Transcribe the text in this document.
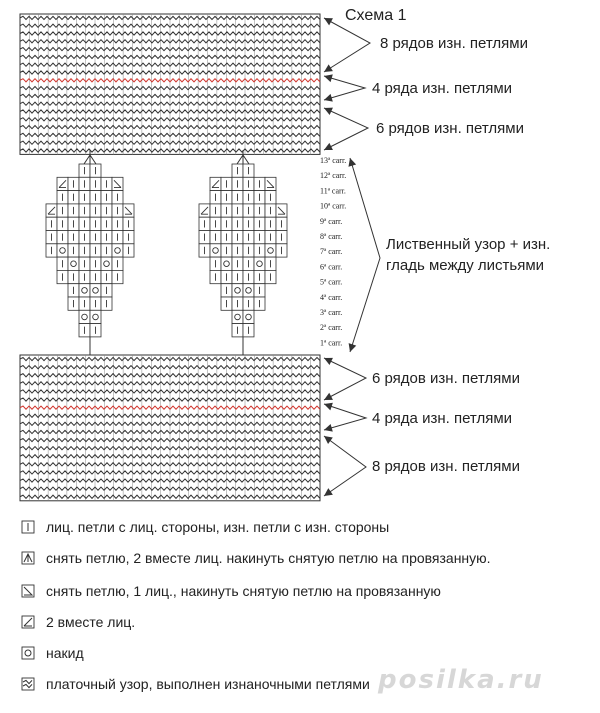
Схема 1
8 рядов изн. петлями
4 ряда изн. петлями
6 рядов изн. петлями
Лиственный узор + изн.
гладь между листьями
6 рядов изн. петлями
4 ряда изн. петлями
8 рядов изн. петлями
13ª carr.
12ª carr.
11ª carr.
10ª carr.
9ª carr.
8ª carr.
7ª carr.
6ª carr.
5ª carr.
4ª carr.
3ª carr.
2ª carr.
1ª carr.
лиц. петли с лиц. стороны, изн. петли с изн. стороны
снять петлю, 2 вместе лиц. накинуть снятую петлю на провязанную.
снять петлю, 1 лиц., накинуть снятую петлю на провязанную
2 вместе лиц.
накид
платочный узор, выполнен изнаночными петлями posilka.ru
